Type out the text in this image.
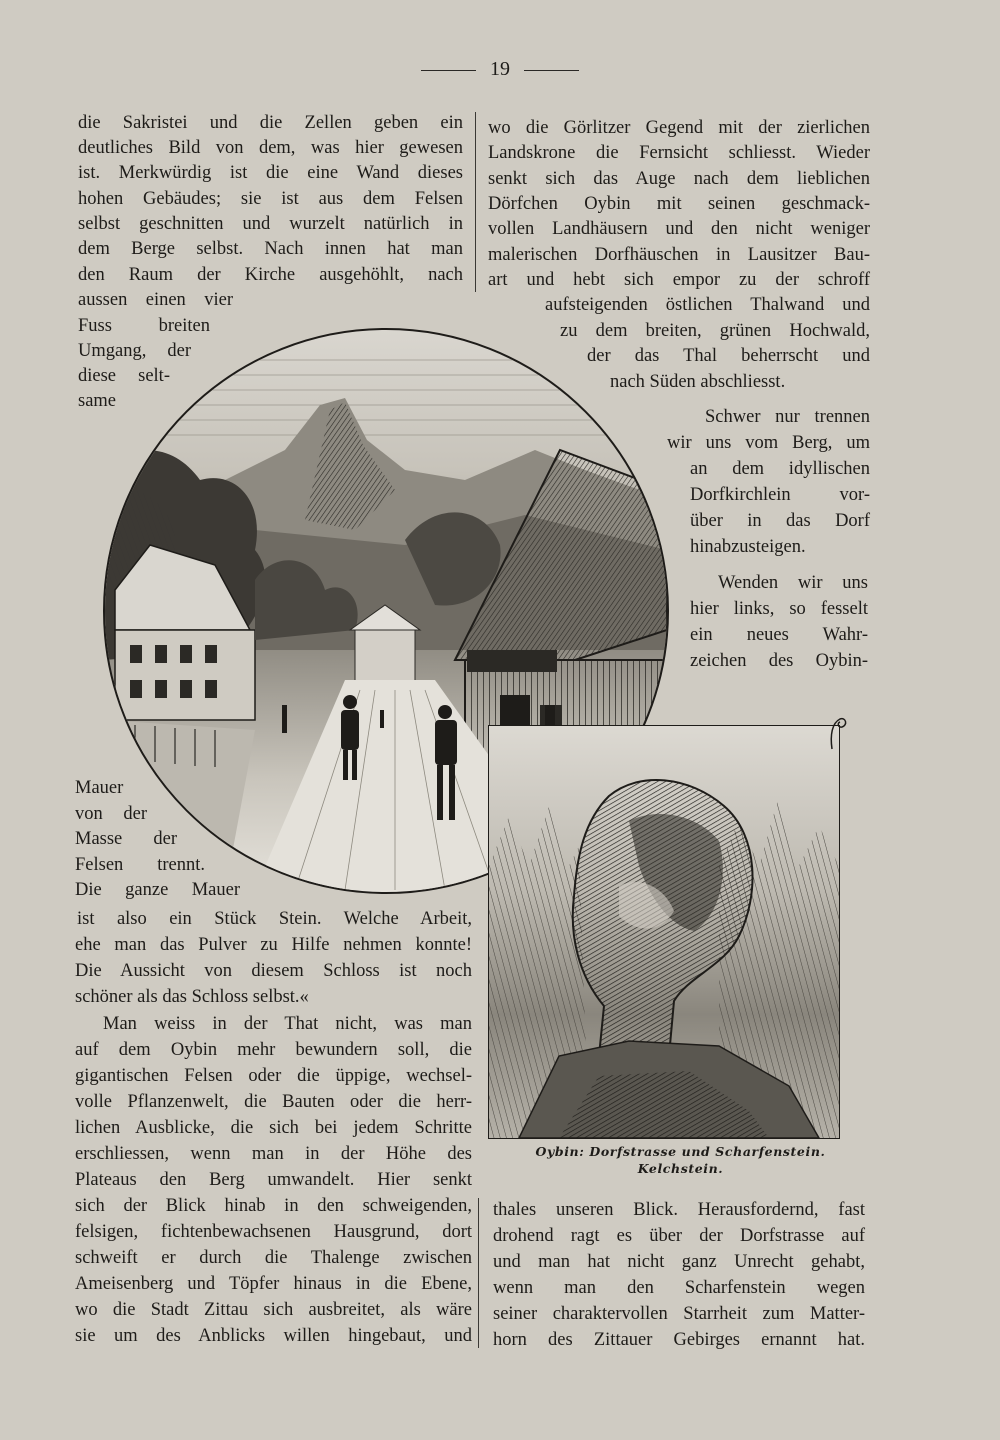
19
die Sakristei und die Zellen geben ein
deutliches Bild von dem, was hier gewesen
ist. Merkwürdig ist die eine Wand dieses
hohen Gebäudes; sie ist aus dem Felsen
selbst geschnitten und wurzelt natürlich in
dem Berge selbst. Nach innen hat man
den Raum der Kirche ausgehöhlt, nach
aussen einen vier
Fuss breiten
Umgang, der
diese selt-
same
Mauer
von der
Masse der
Felsen trennt.
Die ganze Mauer
ist also ein Stück Stein. Welche Arbeit,
ehe man das Pulver zu Hilfe nehmen konnte!
Die Aussicht von diesem Schloss ist noch
schöner als das Schloss selbst.«
Man weiss in der That nicht, was man
auf dem Oybin mehr bewundern soll, die
gigantischen Felsen oder die üppige, wechsel-
volle Pflanzenwelt, die Bauten oder die herr-
lichen Ausblicke, die sich bei jedem Schritte
erschliessen, wenn man in der Höhe des
Plateaus den Berg umwandelt. Hier senkt
sich der Blick hinab in den schweigenden,
felsigen, fichtenbewachsenen Hausgrund, dort
schweift er durch die Thalenge zwischen
Ameisenberg und Töpfer hinaus in die Ebene,
wo die Stadt Zittau sich ausbreitet, als wäre
sie um des Anblicks willen hingebaut, und
wo die Görlitzer Gegend mit der zierlichen
Landskrone die Fernsicht schliesst. Wieder
senkt sich das Auge nach dem lieblichen
Dörfchen Oybin mit seinen geschmack-
vollen Landhäusern und den nicht weniger
malerischen Dorfhäuschen in Lausitzer Bau-
art und hebt sich empor zu der schroff
aufsteigenden östlichen Thalwand und
zu dem breiten, grünen Hochwald,
der das Thal beherrscht und
nach Süden abschliesst.
Schwer nur trennen
wir uns vom Berg, um
an dem idyllischen
Dorfkirchlein vor-
über in das Dorf
hinabzusteigen.
Wenden wir uns
hier links, so fesselt
ein neues Wahr-
zeichen des Oybin-
Oybin: Dorfstrasse und Scharfenstein.
Kelchstein.
thales unseren Blick. Herausfordernd, fast
drohend ragt es über der Dorfstrasse auf
und man hat nicht ganz Unrecht gehabt,
wenn man den Scharfenstein wegen
seiner charaktervollen Starrheit zum Matter-
horn des Zittauer Gebirges ernannt hat.
